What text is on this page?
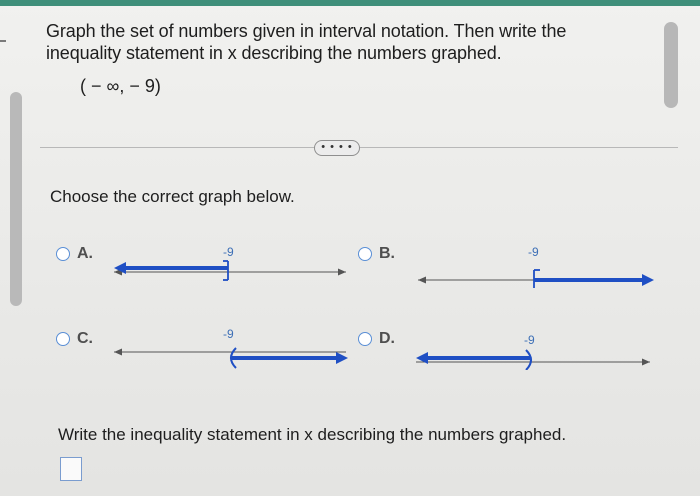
Graph the set of numbers given in interval notation. Then write the
inequality statement in x describing the numbers graphed.
( − ∞, − 9)
• • • •
Choose the correct graph below.
A.	-9	B.	-9
C.	-9	D.	-9
Write the inequality statement in x describing the numbers graphed.
